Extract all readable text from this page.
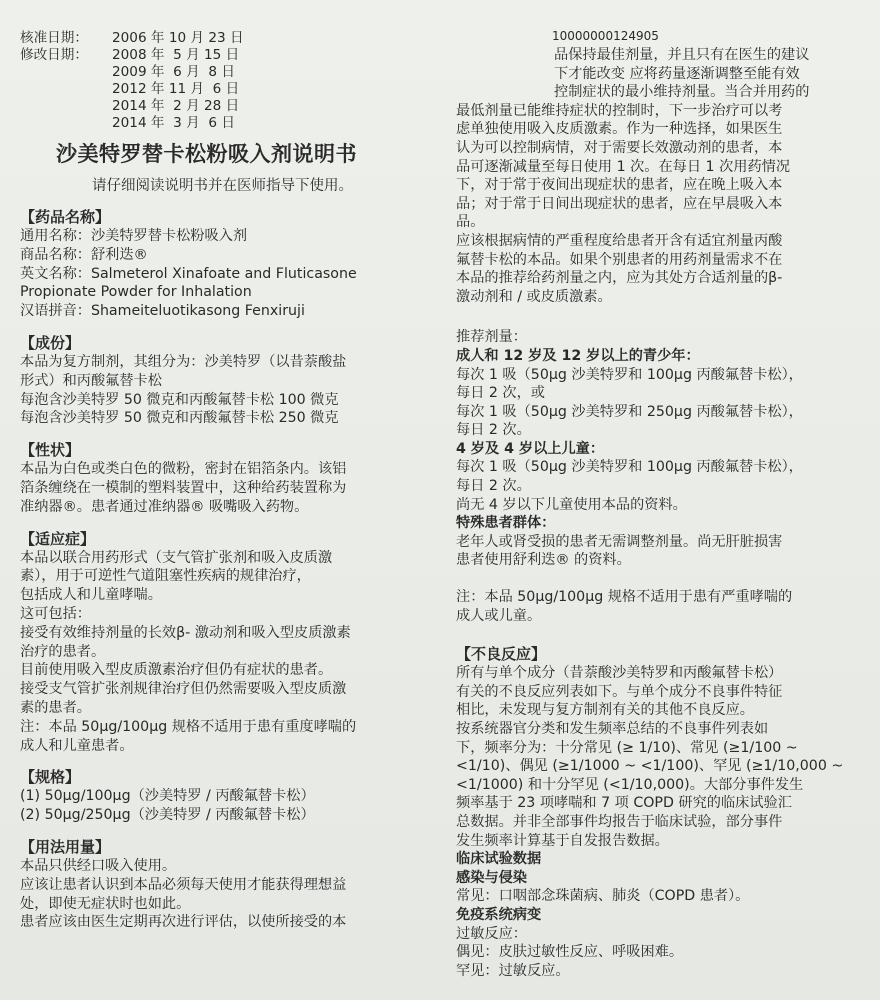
核准日期：	2006 年 10 月 23 日
修改日期：	2008 年  5 月 15 日
2009 年  6 月  8 日
2012 年 11 月  6 日
2014 年  2 月 28 日
2014 年  3 月  6 日
沙美特罗替卡松粉吸入剂说明书
请仔细阅读说明书并在医师指导下使用。
【药品名称】
通用名称：沙美特罗替卡松粉吸入剂
商品名称：舒利迭®
英文名称：Salmeterol Xinafoate and Fluticasone
Propionate Powder for Inhalation
汉语拼音：Shameiteluotikasong Fenxiruji
【成份】
本品为复方制剂，其组分为：沙美特罗（以昔萘酸盐
形式）和丙酸氟替卡松
每泡含沙美特罗 50 微克和丙酸氟替卡松 100 微克
每泡含沙美特罗 50 微克和丙酸氟替卡松 250 微克
【性状】
本品为白色或类白色的微粉，密封在铝箔条内。该铝
箔条缠绕在一模制的塑料装置中，这种给药装置称为
准纳器®。患者通过准纳器® 吸嘴吸入药物。
【适应症】
本品以联合用药形式（支气管扩张剂和吸入皮质激
素），用于可逆性气道阻塞性疾病的规律治疗，
包括成人和儿童哮喘。
这可包括：
接受有效维持剂量的长效β- 激动剂和吸入型皮质激素
治疗的患者。
目前使用吸入型皮质激素治疗但仍有症状的患者。
接受支气管扩张剂规律治疗但仍然需要吸入型皮质激
素的患者。
注：本品 50μg/100μg 规格不适用于患有重度哮喘的
成人和儿童患者。
【规格】
(1) 50μg/100μg（沙美特罗 / 丙酸氟替卡松）
(2) 50μg/250μg（沙美特罗 / 丙酸氟替卡松）
【用法用量】
本品只供经口吸入使用。
应该让患者认识到本品必须每天使用才能获得理想益
处，即使无症状时也如此。
患者应该由医生定期再次进行评估，以使所接受的本
10000000124905
品保持最佳剂量，并且只有在医生的建议
下才能改变 应将药量逐渐调整至能有效
控制症状的最小维持剂量。当合并用药的
最低剂量已能维持症状的控制时，下一步治疗可以考
虑单独使用吸入皮质激素。作为一种选择，如果医生
认为可以控制病情，对于需要长效激动剂的患者，本
品可逐渐减量至每日使用 1 次。在每日 1 次用药情况
下，对于常于夜间出现症状的患者，应在晚上吸入本
品；对于常于日间出现症状的患者，应在早晨吸入本
品。
应该根据病情的严重程度给患者开含有适宜剂量丙酸
氟替卡松的本品。如果个别患者的用药剂量需求不在
本品的推荐给药剂量之内，应为其处方合适剂量的β-
激动剂和 / 或皮质激素。
推荐剂量：
成人和 12 岁及 12 岁以上的青少年：
每次 1 吸（50μg 沙美特罗和 100μg 丙酸氟替卡松），
每日 2 次，或
每次 1 吸（50μg 沙美特罗和 250μg 丙酸氟替卡松），
每日 2 次。
4 岁及 4 岁以上儿童：
每次 1 吸（50μg 沙美特罗和 100μg 丙酸氟替卡松），
每日 2 次。
尚无 4 岁以下儿童使用本品的资料。
特殊患者群体：
老年人或肾受损的患者无需调整剂量。尚无肝脏损害
患者使用舒利迭® 的资料。
注：本品 50μg/100μg 规格不适用于患有严重哮喘的
成人或儿童。
【不良反应】
所有与单个成分（昔萘酸沙美特罗和丙酸氟替卡松）
有关的不良反应列表如下。与单个成分不良事件特征
相比，未发现与复方制剂有关的其他不良反应。
按系统器官分类和发生频率总结的不良事件列表如
下，频率分为：十分常见 (≥ 1/10)、常见 (≥1/100 ~
<1/10)、偶见 (≥1/1000 ~ <1/100)、罕见 (≥1/10,000 ~
<1/1000) 和十分罕见 (<1/10,000)。大部分事件发生
频率基于 23 项哮喘和 7 项 COPD 研究的临床试验汇
总数据。并非全部事件均报告于临床试验，部分事件
发生频率计算基于自发报告数据。
临床试验数据
感染与侵染
常见：口咽部念珠菌病、肺炎（COPD 患者）。
免疫系统病变
过敏反应：
偶见：皮肤过敏性反应、呼吸困难。
罕见：过敏反应。
